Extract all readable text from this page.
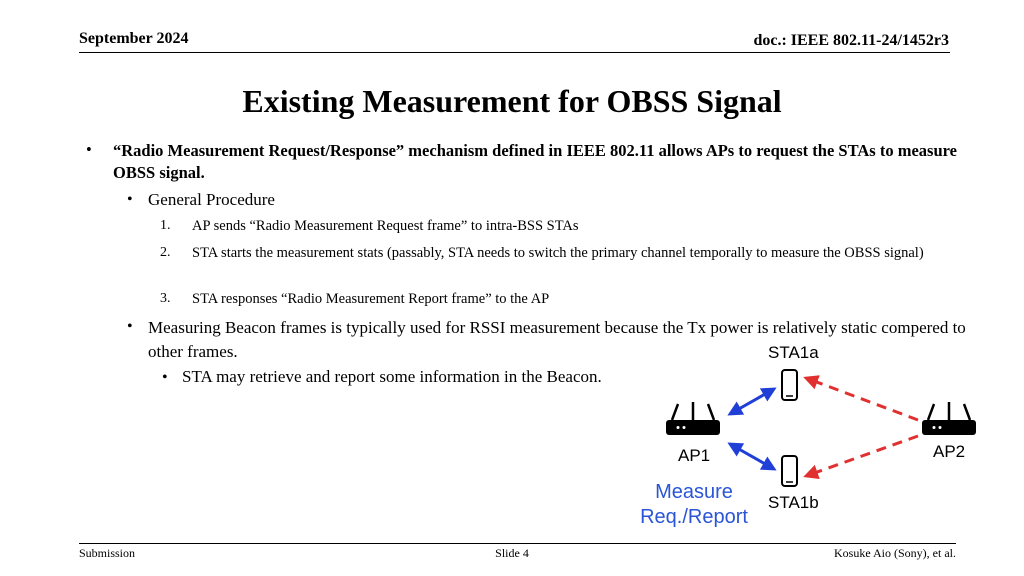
September 2024	doc.: IEEE 802.11-24/1452r3
Existing Measurement for OBSS Signal
• “Radio Measurement Request/Response” mechanism defined in IEEE 802.11 allows APs to request the STAs to measure OBSS signal.
• General Procedure
1. AP sends “Radio Measurement Request frame” to intra-BSS STAs
2. STA starts the measurement stats (passably, STA needs to switch the primary channel temporally to measure the OBSS signal)
3. STA responses “Radio Measurement Report frame” to the AP
• Measuring Beacon frames is typically used for RSSI measurement because the Tx power is relatively static compered to other frames.
• STA may retrieve and report some information in the Beacon.
STA1a
AP1	AP2
STA1b
Measure
Req./Report
Submission	Slide 4	Kosuke Aio (Sony), et al.
